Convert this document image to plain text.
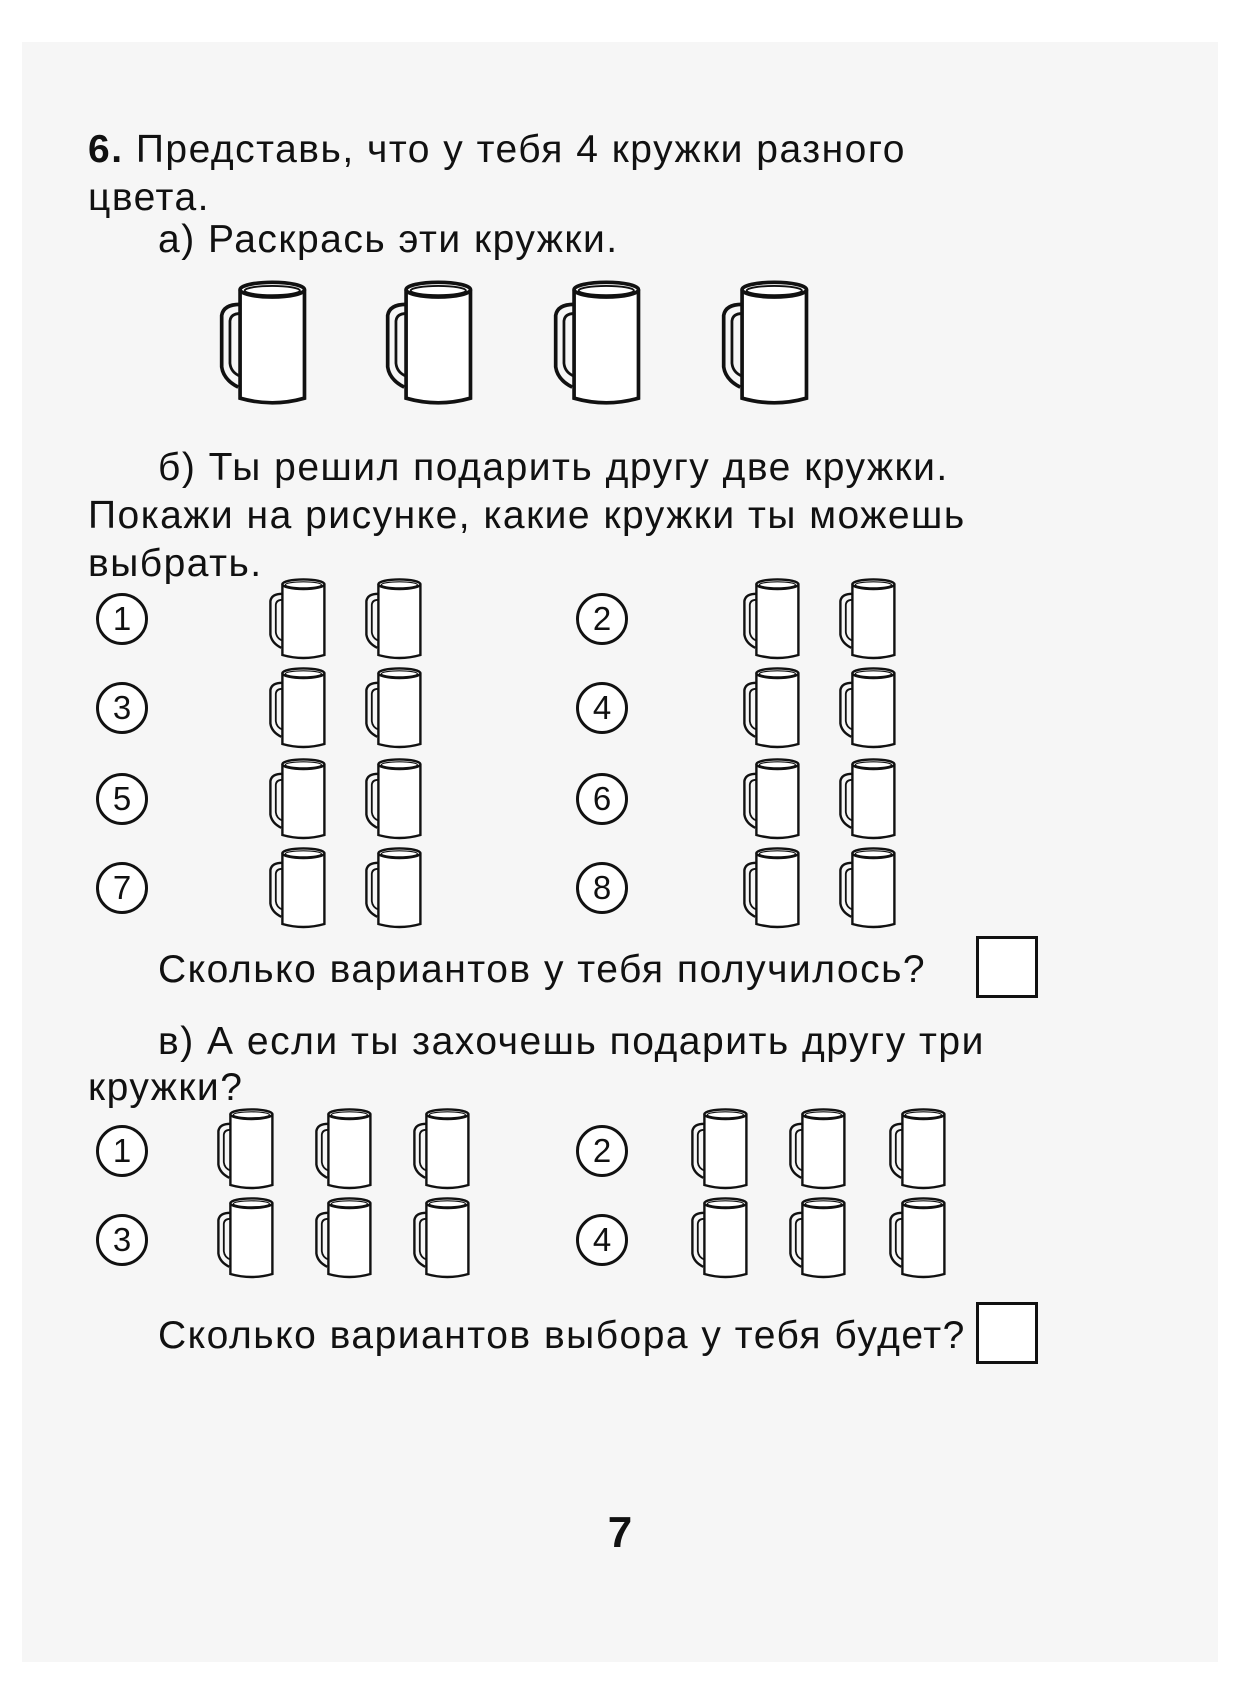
6. Представь, что у тебя 4 кружки разного
цвета.
а) Раскрась эти кружки.
б) Ты решил подарить другу две кружки.
Покажи на рисунке, какие кружки ты можешь
выбрать.
1	2
3	4
5	6
7	8
Сколько вариантов у тебя получилось?
в) А если ты захочешь подарить другу три
кружки?
1	2
3	4
Сколько вариантов выбора у тебя будет?
7
